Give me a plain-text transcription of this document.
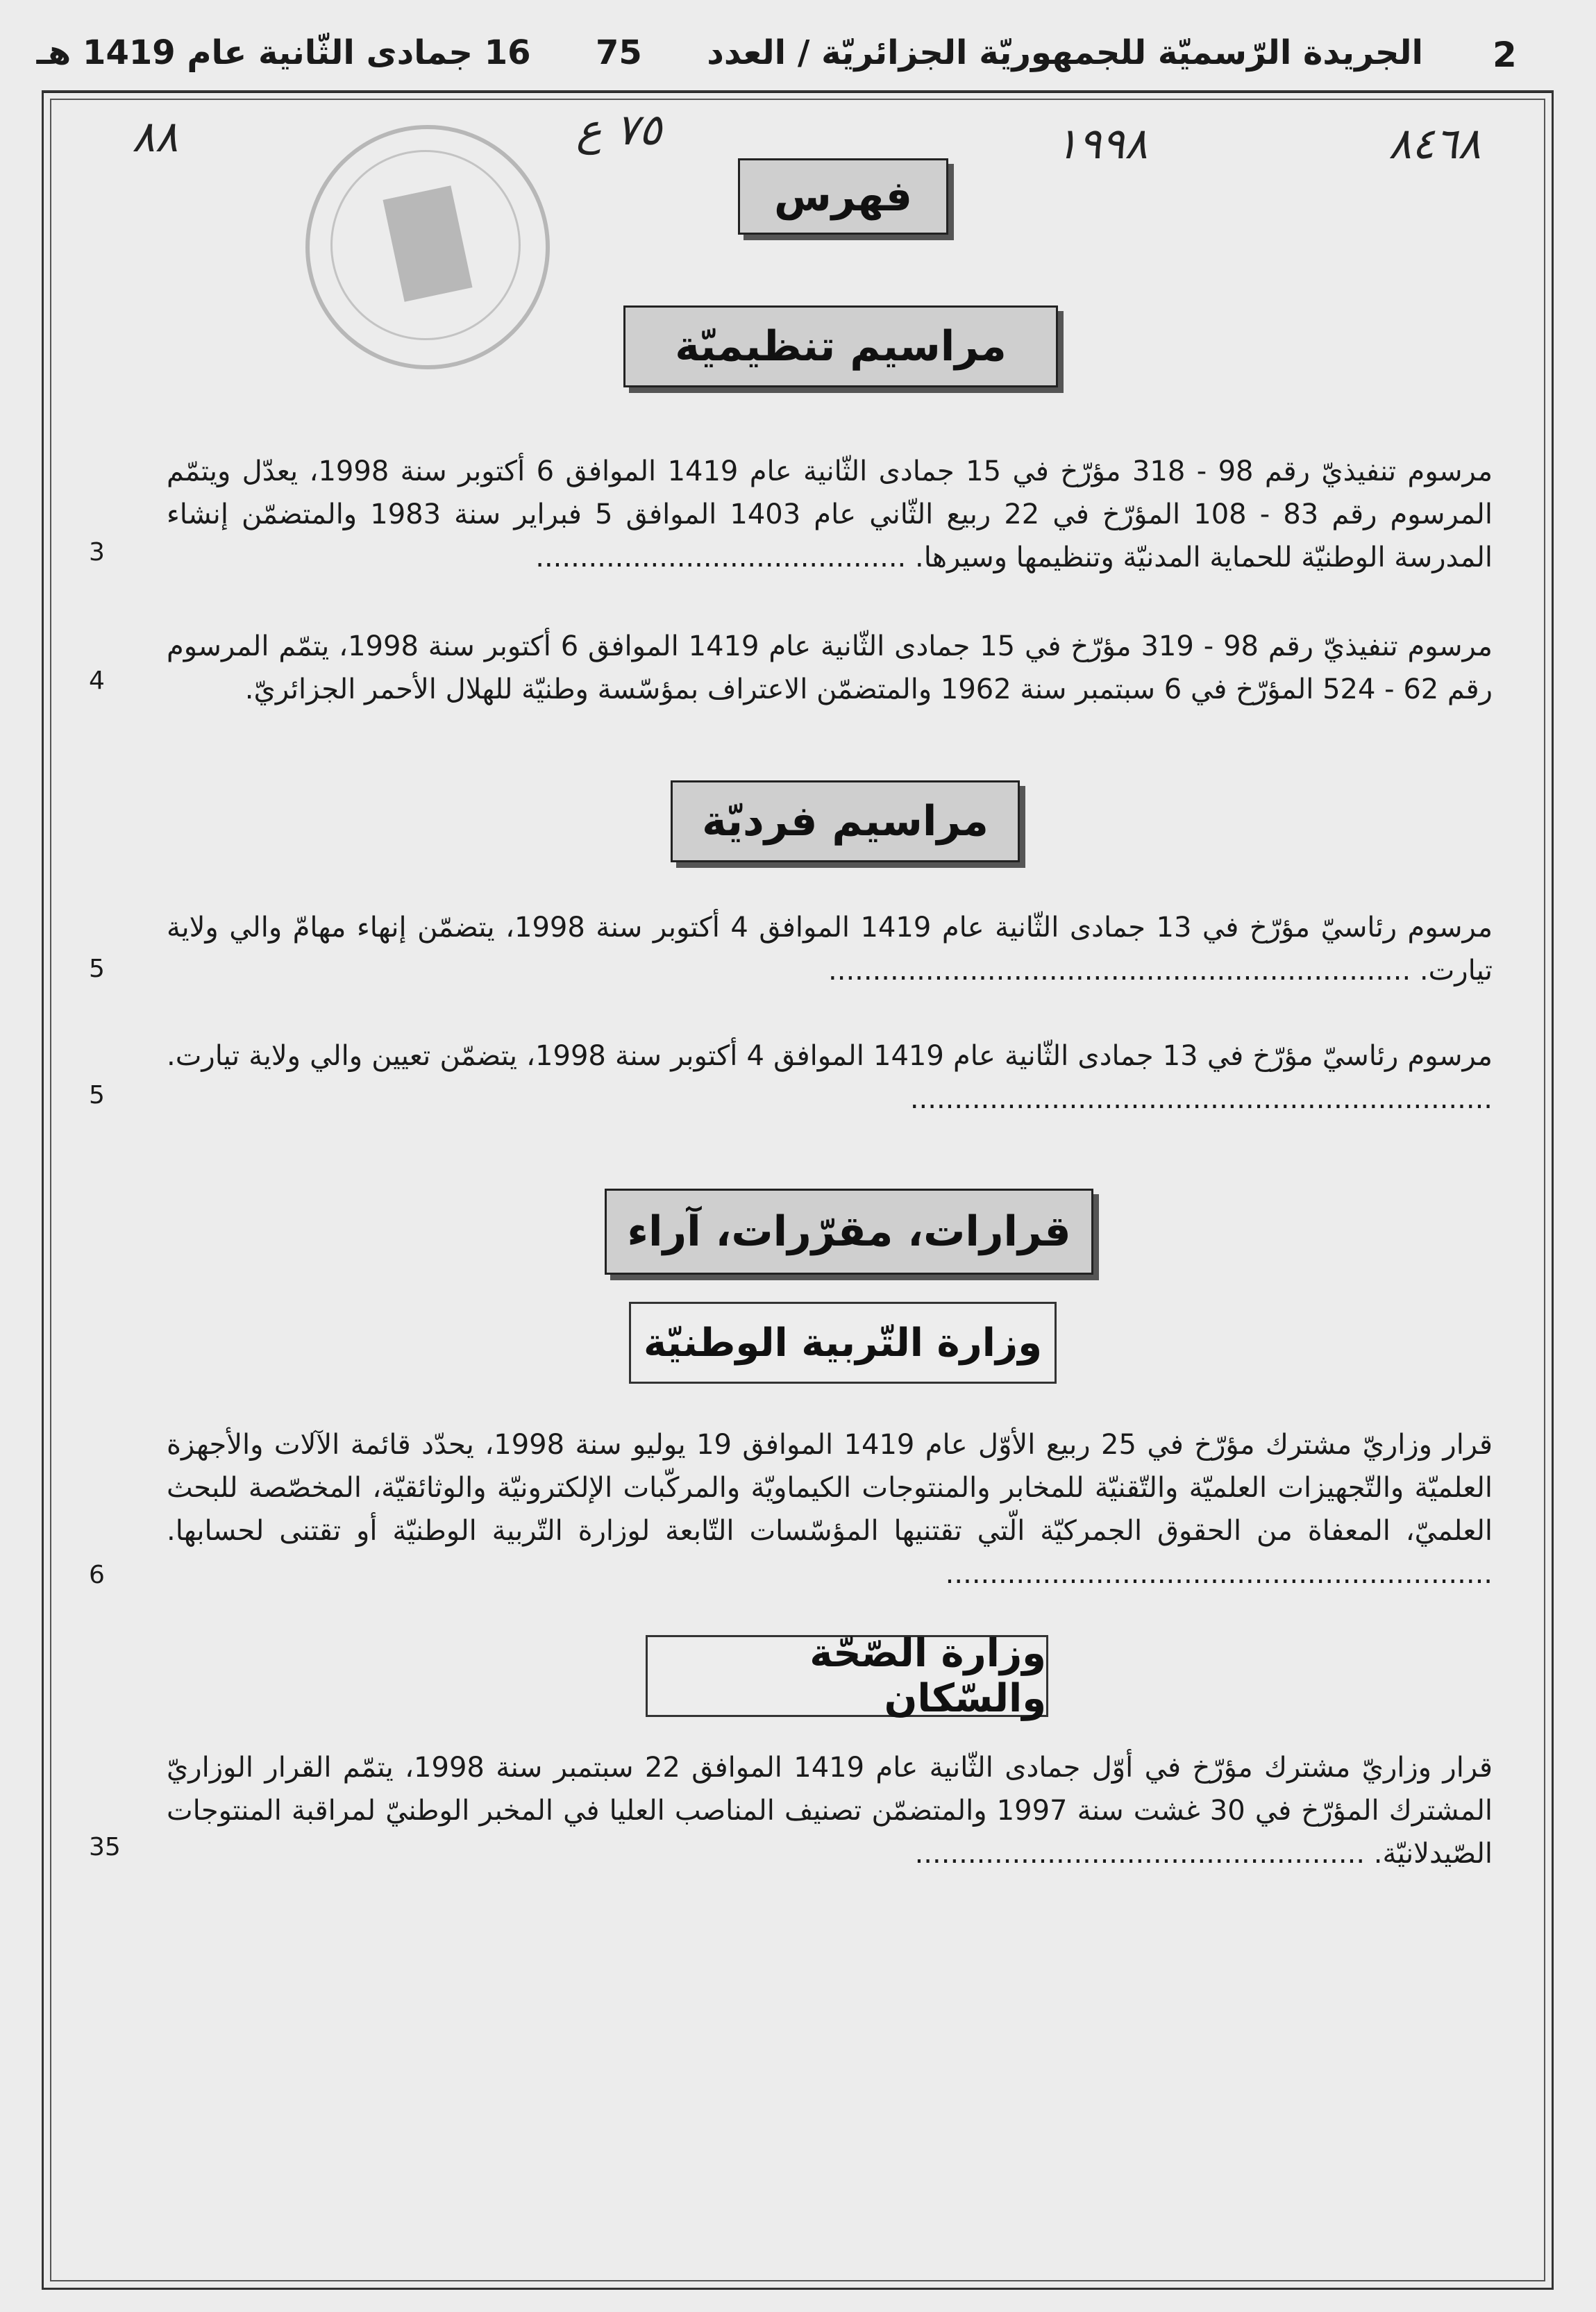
2
الجريدة الرّسميّة للجمهوريّة الجزائريّة / العدد  75  16 جمادى الثّانية عام 1419 هـ
٨٨	٧٥ ع	١٩٩٨	٨٤٦٨
فهرس
مراسيم تنظيميّة
مرسوم تنفيذيّ رقم 98 - 318 مؤرّخ في 15 جمادى الثّانية عام 1419 الموافق 6 أكتوبر سنة 1998، يعدّل ويتمّم المرسوم رقم 83 - 108 المؤرّخ في 22 ربيع الثّاني عام 1403 الموافق 5 فبراير سنة 1983 والمتضمّن إنشاء المدرسة الوطنيّة للحماية المدنيّة وتنظيمها وسيرها. ..........................................
3
مرسوم تنفيذيّ رقم 98 - 319 مؤرّخ في 15 جمادى الثّانية عام 1419 الموافق 6 أكتوبر سنة 1998، يتمّم المرسوم رقم 62 - 524 المؤرّخ في 6 سبتمبر سنة 1962 والمتضمّن الاعتراف بمؤسّسة وطنيّة للهلال الأحمر الجزائريّ.
4
مراسيم فرديّة
مرسوم رئاسيّ مؤرّخ في 13 جمادى الثّانية عام 1419 الموافق 4 أكتوبر سنة 1998، يتضمّن إنهاء مهامّ والي ولاية تيارت. ..................................................................
5
مرسوم رئاسيّ مؤرّخ في 13 جمادى الثّانية عام 1419 الموافق 4 أكتوبر سنة 1998، يتضمّن تعيين والي ولاية تيارت. ..................................................................
5
قرارات، مقرّرات، آراء
وزارة التّربية الوطنيّة
قرار وزاريّ مشترك مؤرّخ في 25 ربيع الأوّل عام 1419 الموافق 19 يوليو سنة 1998، يحدّد قائمة الآلات والأجهزة العلميّة والتّجهيزات العلميّة والتّقنيّة للمخابر والمنتوجات الكيماويّة والمركّبات الإلكترونيّة والوثائقيّة، المخصّصة للبحث العلميّ، المعفاة من الحقوق الجمركيّة الّتي تقتنيها المؤسّسات التّابعة لوزارة التّربية الوطنيّة أو تقتنى لحسابها. ..............................................................
6
وزارة الصّحّة والسّكان
قرار وزاريّ مشترك مؤرّخ في أوّل جمادى الثّانية عام 1419 الموافق 22 سبتمبر سنة 1998، يتمّم القرار الوزاريّ المشترك المؤرّخ في 30 غشت سنة 1997 والمتضمّن تصنيف المناصب العليا في المخبر الوطنيّ لمراقبة المنتوجات الصّيدلانيّة. ...................................................
35
